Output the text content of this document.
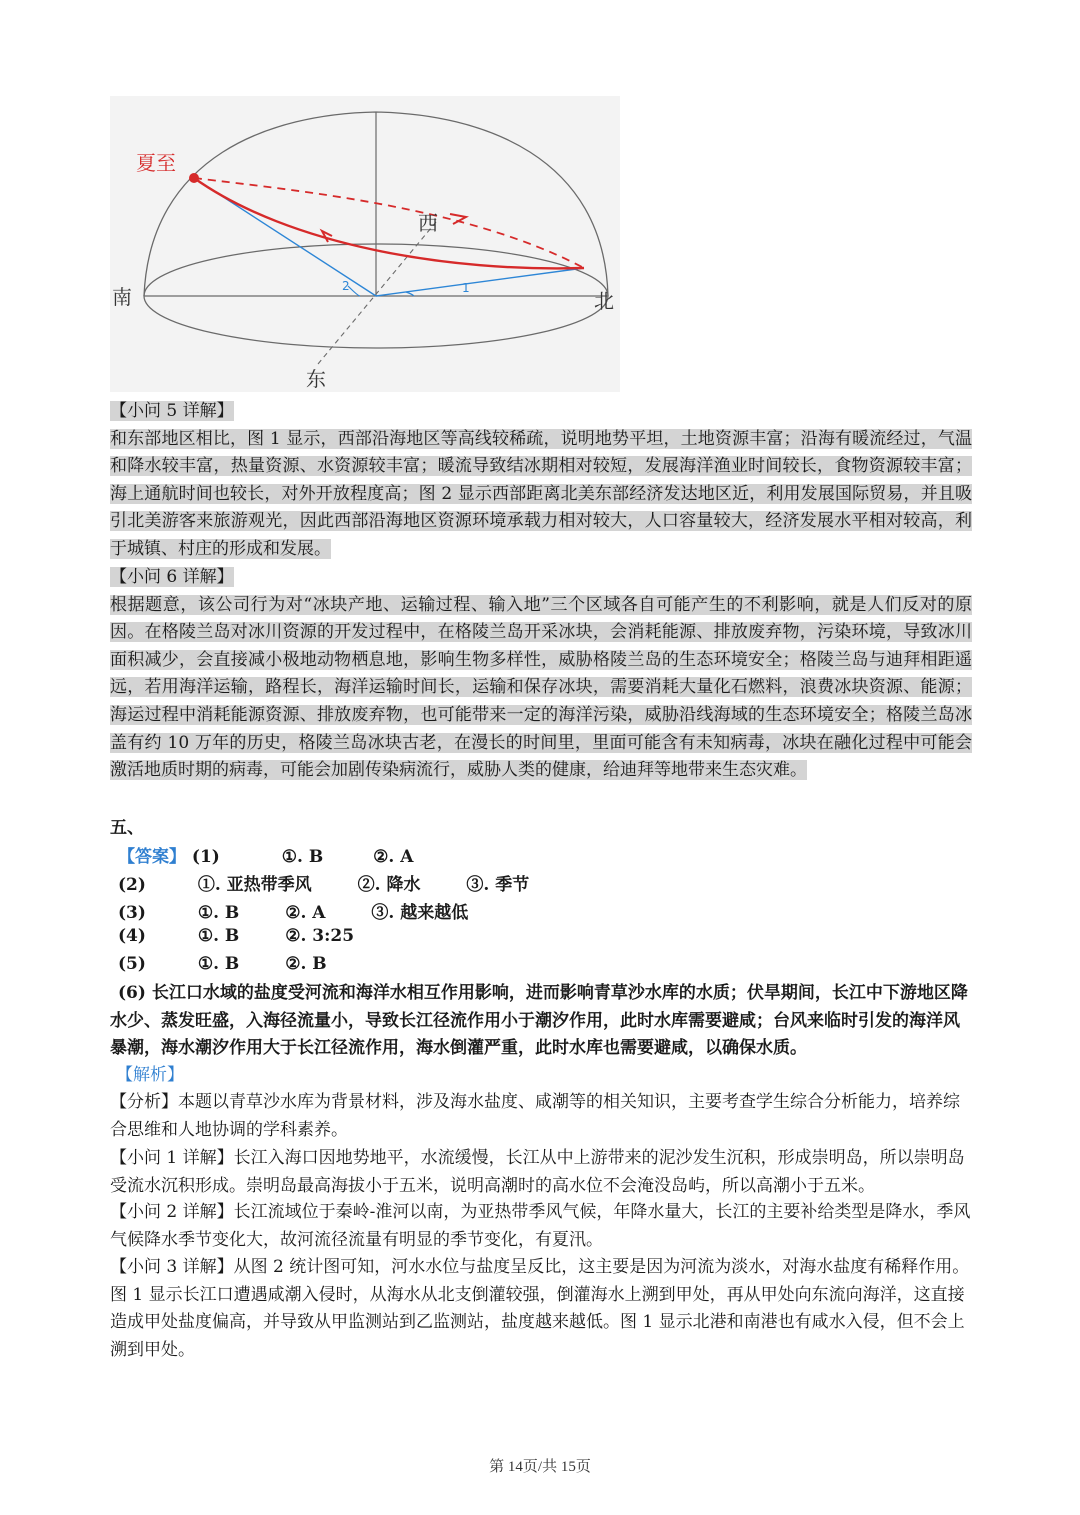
夏至
西
南	北
东
2	1
【小问 5 详解】
和东部地区相比，图 1 显示，西部沿海地区等高线较稀疏，说明地势平坦，土地资源丰富；沿海有暖流经过，气温和降水较丰富，热量资源、水资源较丰富；暖流导致结冰期相对较短，发展海洋渔业时间较长，食物资源较丰富；海上通航时间也较长，对外开放程度高；图 2 显示西部距离北美东部经济发达地区近，利用发展国际贸易，并且吸引北美游客来旅游观光，因此西部沿海地区资源环境承载力相对较大，人口容量较大，经济发展水平相对较高，利于城镇、村庄的形成和发展。
【小问 6 详解】
根据题意，该公司行为对“冰块产地、运输过程、输入地”三个区域各自可能产生的不利影响，就是人们反对的原因。在格陵兰岛对冰川资源的开发过程中，在格陵兰岛开采冰块，会消耗能源、排放废弃物，污染环境，导致冰川面积减少，会直接减小极地动物栖息地，影响生物多样性，威胁格陵兰岛的生态环境安全；格陵兰岛与迪拜相距遥远，若用海洋运输，路程长，海洋运输时间长，运输和保存冰块，需要消耗大量化石燃料，浪费冰块资源、能源；海运过程中消耗能源资源、排放废弃物，也可能带来一定的海洋污染，威胁沿线海域的生态环境安全；格陵兰岛冰盖有约 10 万年的历史，格陵兰岛冰块古老，在漫长的时间里，里面可能含有未知病毒，冰块在融化过程中可能会激活地质时期的病毒，可能会加剧传染病流行，威胁人类的健康，给迪拜等地带来生态灾难。
五、
【答案】 (1)	①. B	②. A
(2)	①. 亚热带季风	②. 降水	③. 季节
(3)	①. B	②. A	③. 越来越低
(4)	①. B	②. 3:25
(5)	①. B	②. B
(6) 长江口水域的盐度受河流和海洋水相互作用影响，进而影响青草沙水库的水质；伏旱期间，长江中下游地区降水少、蒸发旺盛，入海径流量小，导致长江径流作用小于潮汐作用，此时水库需要避咸；台风来临时引发的海洋风暴潮，海水潮汐作用大于长江径流作用，海水倒灌严重，此时水库也需要避咸，以确保水质。
【解析】
【分析】本题以青草沙水库为背景材料，涉及海水盐度、咸潮等的相关知识，主要考查学生综合分析能力，培养综合思维和人地协调的学科素养。
【小问 1 详解】长江入海口因地势地平，水流缓慢，长江从中上游带来的泥沙发生沉积，形成崇明岛，所以崇明岛受流水沉积形成。崇明岛最高海拔小于五米，说明高潮时的高水位不会淹没岛屿，所以高潮小于五米。
【小问 2 详解】长江流域位于秦岭-淮河以南，为亚热带季风气候，年降水量大，长江的主要补给类型是降水，季风气候降水季节变化大，故河流径流量有明显的季节变化，有夏汛。
【小问 3 详解】从图 2 统计图可知，河水水位与盐度呈反比，这主要是因为河流为淡水，对海水盐度有稀释作用。图 1 显示长江口遭遇咸潮入侵时，从海水从北支倒灌较强，倒灌海水上溯到甲处，再从甲处向东流向海洋，这直接造成甲处盐度偏高，并导致从甲监测站到乙监测站，盐度越来越低。图 1 显示北港和南港也有咸水入侵，但不会上溯到甲处。
第 14页/共 15页
